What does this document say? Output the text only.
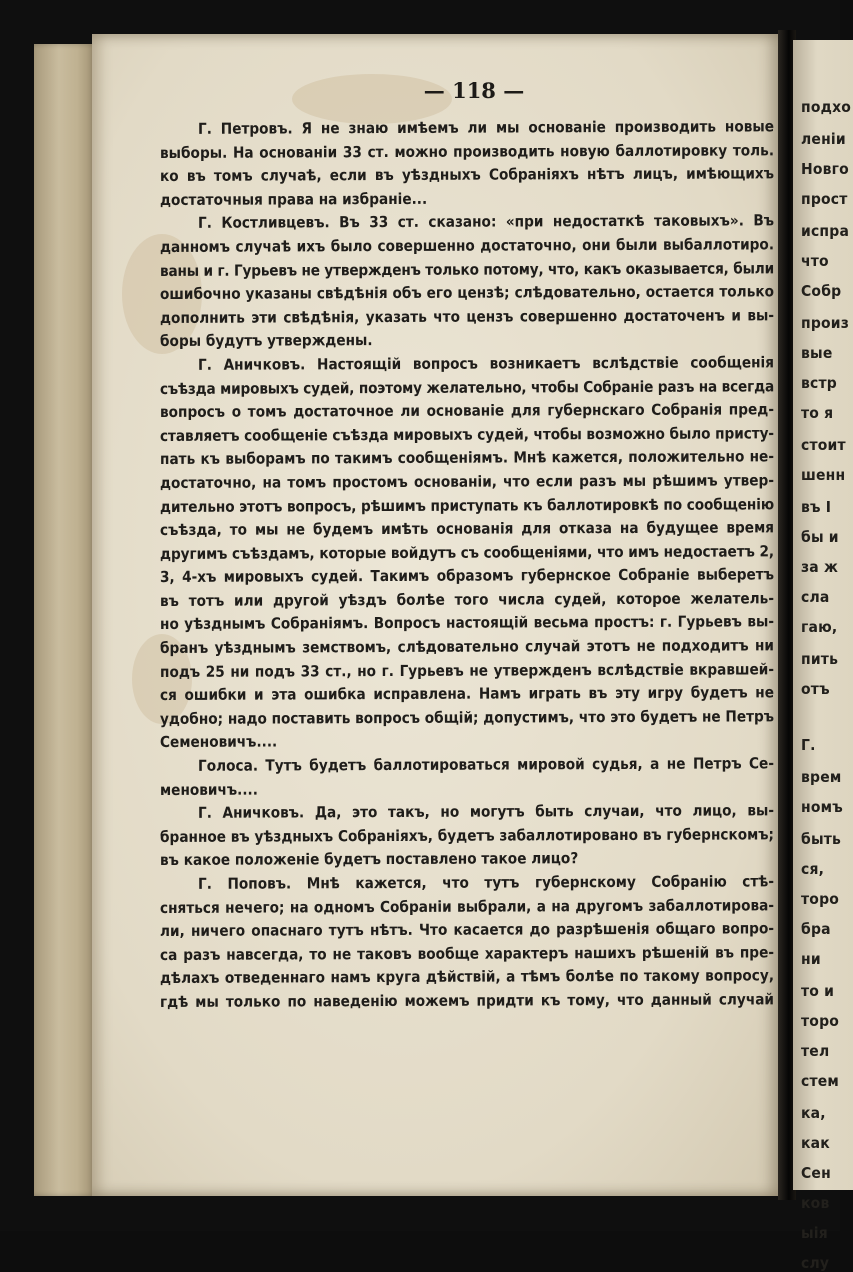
подхо
леніи
Новго
прост
испра
что
Собр
произ
вые
встр
то я
стоит
шенн
въ І
бы и
за ж
сла
гаю,
пить
отъ
Г.
врем
номъ
быть
ся,
торо
бра
ни
то и
торо
тел
стем
ка,
как
Сен
ков
ыія
слу
— 118 —
Г. Петровъ. Я не знаю имѣемъ ли мы основаніе производить новые
выборы. На основаніи 33 ст. можно производить новую баллотировку толь.
ко въ томъ случаѣ, если въ уѣздныхъ Собраніяхъ нѣтъ лицъ, имѣющихъ
достаточныя права на избраніе...
Г. Костливцевъ. Въ 33 ст. сказано: «при недостаткѣ таковыхъ». Въ
данномъ случаѣ ихъ было совершенно достаточно, они были выбаллотиро.
ваны и г. Гурьевъ не утвержденъ только потому, что, какъ оказывается, были
ошибочно указаны свѣдѣнія объ его цензѣ; слѣдовательно, остается только
дополнить эти свѣдѣнія, указать что цензъ совершенно достаточенъ и вы-
боры будутъ утверждены.
Г. Аничковъ. Настоящій вопросъ возникаетъ вслѣдствіе сообщенія
съѣзда мировыхъ судей, поэтому желательно, чтобы Собраніе разъ на всегда
вопросъ о томъ достаточное ли основаніе для губернскаго Собранія пред-
ставляетъ сообщеніе съѣзда мировыхъ судей, чтобы возможно было присту-
пать къ выборамъ по такимъ сообщеніямъ. Мнѣ кажется, положительно не-
достаточно, на томъ простомъ основаніи, что если разъ мы рѣшимъ утвер-
дительно этотъ вопросъ, рѣшимъ приступать къ баллотировкѣ по сообщенію
съѣзда, то мы не будемъ имѣть основанія для отказа на будущее время
другимъ съѣздамъ, которые войдутъ съ сообщеніями, что имъ недостаетъ 2,
3, 4-хъ мировыхъ судей. Такимъ образомъ губернское Собраніе выберетъ
въ тотъ или другой уѣздъ болѣе того числа судей, которое желатель-
но уѣзднымъ Собраніямъ. Вопросъ настоящій весьма простъ: г. Гурьевъ вы-
бранъ уѣзднымъ земствомъ, слѣдовательно случай этотъ не подходитъ ни
подъ 25 ни подъ 33 ст., но г. Гурьевъ не утвержденъ вслѣдствіе вкравшей-
ся ошибки и эта ошибка исправлена. Намъ играть въ эту игру будетъ не
удобно; надо поставить вопросъ общій; допустимъ, что это будетъ не Петръ
Семеновичъ....
Голоса. Тутъ будетъ баллотироваться мировой судья, а не Петръ Се-
меновичъ....
Г. Аничковъ. Да, это такъ, но могутъ быть случаи, что лицо, вы-
бранное въ уѣздныхъ Собраніяхъ, будетъ забаллотировано въ губернскомъ;
въ какое положеніе будетъ поставлено такое лицо?
Г. Поповъ. Мнѣ кажется, что тутъ губернскому Собранію стѣ-
сняться нечего; на одномъ Собраніи выбрали, а на другомъ забаллотирова-
ли, ничего опаснаго тутъ нѣтъ. Что касается до разрѣшенія общаго вопро-
са разъ навсегда, то не таковъ вообще характеръ нашихъ рѣшеній въ пре-
дѣлахъ отведеннаго намъ круга дѣйствій, а тѣмъ болѣе по такому вопросу,
гдѣ мы только по наведенію можемъ придти къ тому, что данный случай
